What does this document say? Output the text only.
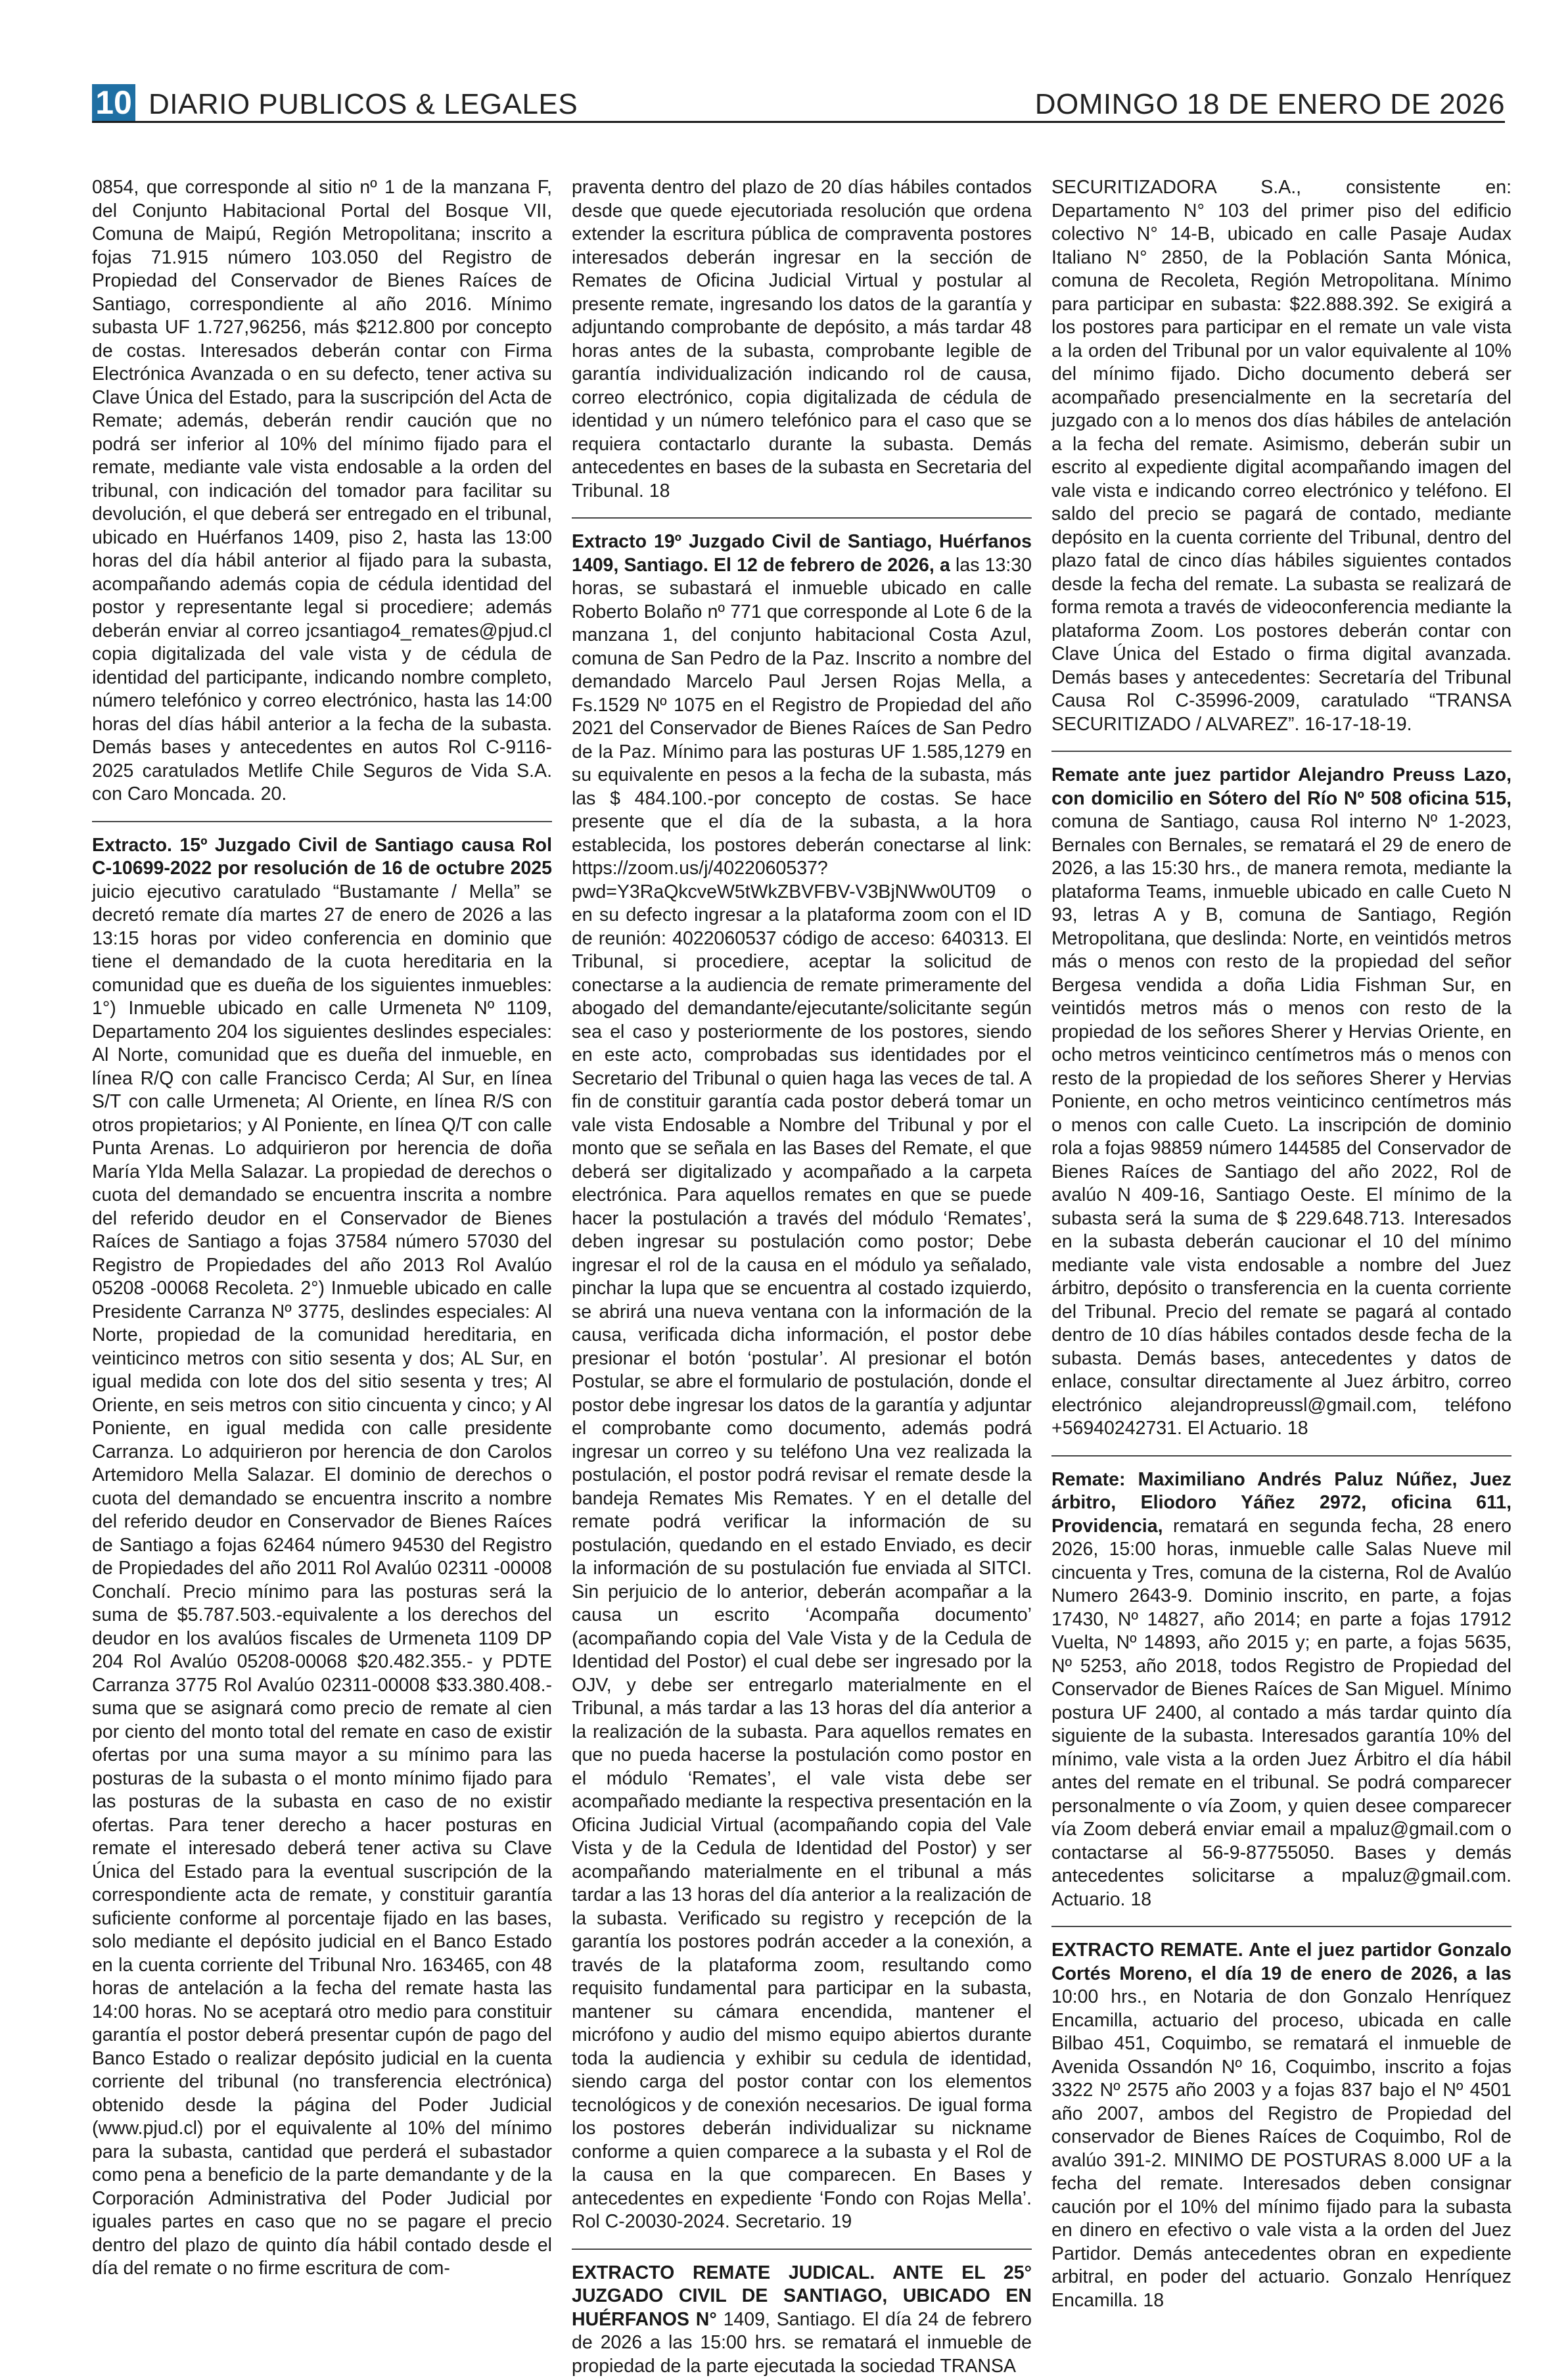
10 DIARIO PUBLICOS & LEGALES	DOMINGO 18 DE ENERO DE 2026

0854, que corresponde al sitio nº 1 de la manzana F, del Conjunto Habitacional Portal del Bosque VII, Comuna de Maipú, Región Metropolitana; inscrito a fojas 71.915 número 103.050 del Registro de Propiedad del Conservador de Bienes Raíces de Santiago, correspondiente al año 2016. Mínimo subasta UF 1.727,96256, más $212.800 por concepto de costas. Interesados deberán contar con Firma Electrónica Avanzada o en su defecto, tener activa su Clave Única del Estado, para la suscripción del Acta de Remate; además, deberán rendir caución que no podrá ser inferior al 10% del mínimo fijado para el remate, mediante vale vista endosable a la orden del tribunal, con indicación del tomador para facilitar su devolución, el que deberá ser entregado en el tribunal, ubicado en Huérfanos 1409, piso 2, hasta las 13:00 horas del día hábil anterior al fijado para la subasta, acompañando además copia de cédula identidad del postor y representante legal si procediere; además deberán enviar al correo jcsantiago4_remates@pjud.cl copia digitalizada del vale vista y de cédula de identidad del participante, indicando nombre completo, número telefónico y correo electrónico, hasta las 14:00 horas del días hábil anterior a la fecha de la subasta. Demás bases y antecedentes en autos Rol C-9116-2025 caratulados Metlife Chile Seguros de Vida S.A. con Caro Moncada. 20.

Extracto. 15º Juzgado Civil de Santiago causa Rol C-10699-2022 por resolución de 16 de octubre 2025 juicio ejecutivo caratulado “Bustamante / Mella” se decretó remate día martes 27 de enero de 2026 a las 13:15 horas por video conferencia en dominio que tiene el demandado de la cuota hereditaria en la comunidad que es dueña de los siguientes inmuebles: 1°) Inmueble ubicado en calle Urmeneta Nº 1109, Departamento 204 los siguientes deslindes especiales: Al Norte, comunidad que es dueña del inmueble, en línea R/Q con calle Francisco Cerda; Al Sur, en línea S/T con calle Urmeneta; Al Oriente, en línea R/S con otros propietarios; y Al Poniente, en línea Q/T con calle Punta Arenas. Lo adquirieron por herencia de doña María Ylda Mella Salazar. La propiedad de derechos o cuota del demandado se encuentra inscrita a nombre del referido deudor en el Conservador de Bienes Raíces de Santiago a fojas 37584 número 57030 del Registro de Propiedades del año 2013 Rol Avalúo 05208 -00068 Recoleta. 2°) Inmueble ubicado en calle Presidente Carranza Nº 3775, deslindes especiales: Al Norte, propiedad de la comunidad hereditaria, en veinticinco metros con sitio sesenta y dos; AL Sur, en igual medida con lote dos del sitio sesenta y tres; Al Oriente, en seis metros con sitio cincuenta y cinco; y Al Poniente, en igual medida con calle presidente Carranza. Lo adquirieron por herencia de don Carolos Artemidoro Mella Salazar. El dominio de derechos o cuota del demandado se encuentra inscrito a nombre del referido deudor en Conservador de Bienes Raíces de Santiago a fojas 62464 número 94530 del Registro de Propiedades del año 2011 Rol Avalúo 02311 -00008 Conchalí. Precio mínimo para las posturas será la suma de $5.787.503.-equivalente a los derechos del deudor en los avalúos fiscales de Urmeneta 1109 DP 204 Rol Avalúo 05208-00068 $20.482.355.- y PDTE Carranza 3775 Rol Avalúo 02311-00008 $33.380.408.- suma que se asignará como precio de remate al cien por ciento del monto total del remate en caso de existir ofertas por una suma mayor a su mínimo para las posturas de la subasta o el monto mínimo fijado para las posturas de la subasta en caso de no existir ofertas. Para tener derecho a hacer posturas en remate el interesado deberá tener activa su Clave Única del Estado para la eventual suscripción de la correspondiente acta de remate, y constituir garantía suficiente conforme al porcentaje fijado en las bases, solo mediante el depósito judicial en el Banco Estado en la cuenta corriente del Tribunal Nro. 163465, con 48 horas de antelación a la fecha del remate hasta las 14:00 horas. No se aceptará otro medio para constituir garantía el postor deberá presentar cupón de pago del Banco Estado o realizar depósito judicial en la cuenta corriente del tribunal (no transferencia electrónica) obtenido desde la página del Poder Judicial (www.pjud.cl) por el equivalente al 10% del mínimo para la subasta, cantidad que perderá el subastador como pena a beneficio de la parte demandante y de la Corporación Administrativa del Poder Judicial por iguales partes en caso que no se pagare el precio dentro del plazo de quinto día hábil contado desde el día del remate o no firme escritura de com-

praventa dentro del plazo de 20 días hábiles contados desde que quede ejecutoriada resolución que ordena extender la escritura pública de compraventa postores interesados deberán ingresar en la sección de Remates de Oficina Judicial Virtual y postular al presente remate, ingresando los datos de la garantía y adjuntando comprobante de depósito, a más tardar 48 horas antes de la subasta, comprobante legible de garantía individualización indicando rol de causa, correo electrónico, copia digitalizada de cédula de identidad y un número telefónico para el caso que se requiera contactarlo durante la subasta. Demás antecedentes en bases de la subasta en Secretaria del Tribunal. 18

Extracto 19º Juzgado Civil de Santiago, Huérfanos 1409, Santiago. El 12 de febrero de 2026, a las 13:30 horas, se subastará el inmueble ubicado en calle Roberto Bolaño nº 771 que corresponde al Lote 6 de la manzana 1, del conjunto habitacional Costa Azul, comuna de San Pedro de la Paz. Inscrito a nombre del demandado Marcelo Paul Jersen Rojas Mella, a Fs.1529 Nº 1075 en el Registro de Propiedad del año 2021 del Conservador de Bienes Raíces de San Pedro de la Paz. Mínimo para las posturas UF 1.585,1279 en su equivalente en pesos a la fecha de la subasta, más las $ 484.100.-por concepto de costas. Se hace presente que el día de la subasta, a la hora establecida, los postores deberán conectarse al link: https://zoom.us/j/4022060537?pwd=Y3RaQkcveW5tWkZBVFBV-V3BjNWw0UT09 o en su defecto ingresar a la plataforma zoom con el ID de reunión: 4022060537 código de acceso: 640313. El Tribunal, si procediere, aceptar la solicitud de conectarse a la audiencia de remate primeramente del abogado del demandante/ejecutante/solicitante según sea el caso y posteriormente de los postores, siendo en este acto, comprobadas sus identidades por el Secretario del Tribunal o quien haga las veces de tal. A fin de constituir garantía cada postor deberá tomar un vale vista Endosable a Nombre del Tribunal y por el monto que se señala en las Bases del Remate, el que deberá ser digitalizado y acompañado a la carpeta electrónica. Para aquellos remates en que se puede hacer la postulación a través del módulo ‘Remates’, deben ingresar su postulación como postor; Debe ingresar el rol de la causa en el módulo ya señalado, pinchar la lupa que se encuentra al costado izquierdo, se abrirá una nueva ventana con la información de la causa, verificada dicha información, el postor debe presionar el botón ‘postular’. Al presionar el botón Postular, se abre el formulario de postulación, donde el postor debe ingresar los datos de la garantía y adjuntar el comprobante como documento, además podrá ingresar un correo y su teléfono Una vez realizada la postulación, el postor podrá revisar el remate desde la bandeja Remates Mis Remates. Y en el detalle del remate podrá verificar la información de su postulación, quedando en el estado Enviado, es decir la información de su postulación fue enviada al SITCI. Sin perjuicio de lo anterior, deberán acompañar a la causa un escrito ‘Acompaña documento’ (acompañando copia del Vale Vista y de la Cedula de Identidad del Postor) el cual debe ser ingresado por la OJV, y debe ser entregarlo materialmente en el Tribunal, a más tardar a las 13 horas del día anterior a la realización de la subasta. Para aquellos remates en que no pueda hacerse la postulación como postor en el módulo ‘Remates’, el vale vista debe ser acompañado mediante la respectiva presentación en la Oficina Judicial Virtual (acompañando copia del Vale Vista y de la Cedula de Identidad del Postor) y ser acompañando materialmente en el tribunal a más tardar a las 13 horas del día anterior a la realización de la subasta. Verificado su registro y recepción de la garantía los postores podrán acceder a la conexión, a través de la plataforma zoom, resultando como requisito fundamental para participar en la subasta, mantener su cámara encendida, mantener el micrófono y audio del mismo equipo abiertos durante toda la audiencia y exhibir su cedula de identidad, siendo carga del postor contar con los elementos tecnológicos y de conexión necesarios. De igual forma los postores deberán individualizar su nickname conforme a quien comparece a la subasta y el Rol de la causa en la que comparecen. En Bases y antecedentes en expediente ‘Fondo con Rojas Mella’. Rol C-20030-2024. Secretario. 19

EXTRACTO REMATE JUDICAL. ANTE EL 25° JUZGADO CIVIL DE SANTIAGO, UBICADO EN HUÉRFANOS N° 1409, Santiago. El día 24 de febrero de 2026 a las 15:00 hrs. se rematará el inmueble de propiedad de la parte ejecutada la sociedad TRANSA

SECURITIZADORA S.A., consistente en: Departamento N° 103 del primer piso del edificio colectivo N° 14-B, ubicado en calle Pasaje Audax Italiano N° 2850, de la Población Santa Mónica, comuna de Recoleta, Región Metropolitana. Mínimo para participar en subasta: $22.888.392. Se exigirá a los postores para participar en el remate un vale vista a la orden del Tribunal por un valor equivalente al 10% del mínimo fijado. Dicho documento deberá ser acompañado presencialmente en la secretaría del juzgado con a lo menos dos días hábiles de antelación a la fecha del remate. Asimismo, deberán subir un escrito al expediente digital acompañando imagen del vale vista e indicando correo electrónico y teléfono. El saldo del precio se pagará de contado, mediante depósito en la cuenta corriente del Tribunal, dentro del plazo fatal de cinco días hábiles siguientes contados desde la fecha del remate. La subasta se realizará de forma remota a través de videoconferencia mediante la plataforma Zoom. Los postores deberán contar con Clave Única del Estado o firma digital avanzada. Demás bases y antecedentes: Secretaría del Tribunal Causa Rol C-35996-2009, caratulado “TRANSA SECURITIZADO / ALVAREZ”. 16-17-18-19.

Remate ante juez partidor Alejandro Preuss Lazo, con domicilio en Sótero del Río Nº 508 oficina 515, comuna de Santiago, causa Rol interno Nº 1-2023, Bernales con Bernales, se rematará el 29 de enero de 2026, a las 15:30 hrs., de manera remota, mediante la plataforma Teams, inmueble ubicado en calle Cueto N 93, letras A y B, comuna de Santiago, Región Metropolitana, que deslinda: Norte, en veintidós metros más o menos con resto de la propiedad del señor Bergesa vendida a doña Lidia Fishman Sur, en veintidós metros más o menos con resto de la propiedad de los señores Sherer y Hervias Oriente, en ocho metros veinticinco centímetros más o menos con resto de la propiedad de los señores Sherer y Hervias Poniente, en ocho metros veinticinco centímetros más o menos con calle Cueto. La inscripción de dominio rola a fojas 98859 número 144585 del Conservador de Bienes Raíces de Santiago del año 2022, Rol de avalúo N 409-16, Santiago Oeste. El mínimo de la subasta será la suma de $ 229.648.713. Interesados en la subasta deberán caucionar el 10 del mínimo mediante vale vista endosable a nombre del Juez árbitro, depósito o transferencia en la cuenta corriente del Tribunal. Precio del remate se pagará al contado dentro de 10 días hábiles contados desde fecha de la subasta. Demás bases, antecedentes y datos de enlace, consultar directamente al Juez árbitro, correo electrónico alejandropreussl@gmail.com, teléfono +56940242731. El Actuario. 18

Remate: Maximiliano Andrés Paluz Núñez, Juez árbitro, Eliodoro Yáñez 2972, oficina 611, Providencia, rematará en segunda fecha, 28 enero 2026, 15:00 horas, inmueble calle Salas Nueve mil cincuenta y Tres, comuna de la cisterna, Rol de Avalúo Numero 2643-9. Dominio inscrito, en parte, a fojas 17430, Nº 14827, año 2014; en parte a fojas 17912 Vuelta, Nº 14893, año 2015 y; en parte, a fojas 5635, Nº 5253, año 2018, todos Registro de Propiedad del Conservador de Bienes Raíces de San Miguel. Mínimo postura UF 2400, al contado a más tardar quinto día siguiente de la subasta. Interesados garantía 10% del mínimo, vale vista a la orden Juez Árbitro el día hábil antes del remate en el tribunal. Se podrá comparecer personalmente o vía Zoom, y quien desee comparecer vía Zoom deberá enviar email a mpaluz@gmail.com o contactarse al 56-9-87755050. Bases y demás antecedentes solicitarse a mpaluz@gmail.com. Actuario. 18

EXTRACTO REMATE. Ante el juez partidor Gonzalo Cortés Moreno, el día 19 de enero de 2026, a las 10:00 hrs., en Notaria de don Gonzalo Henríquez Encamilla, actuario del proceso, ubicada en calle Bilbao 451, Coquimbo, se rematará el inmueble de Avenida Ossandón Nº 16, Coquimbo, inscrito a fojas 3322 Nº 2575 año 2003 y a fojas 837 bajo el Nº 4501 año 2007, ambos del Registro de Propiedad del conservador de Bienes Raíces de Coquimbo, Rol de avalúo 391-2. MINIMO DE POSTURAS 8.000 UF a la fecha del remate. Interesados deben consignar caución por el 10% del mínimo fijado para la subasta en dinero en efectivo o vale vista a la orden del Juez Partidor. Demás antecedentes obran en expediente arbitral, en poder del actuario. Gonzalo Henríquez Encamilla. 18
